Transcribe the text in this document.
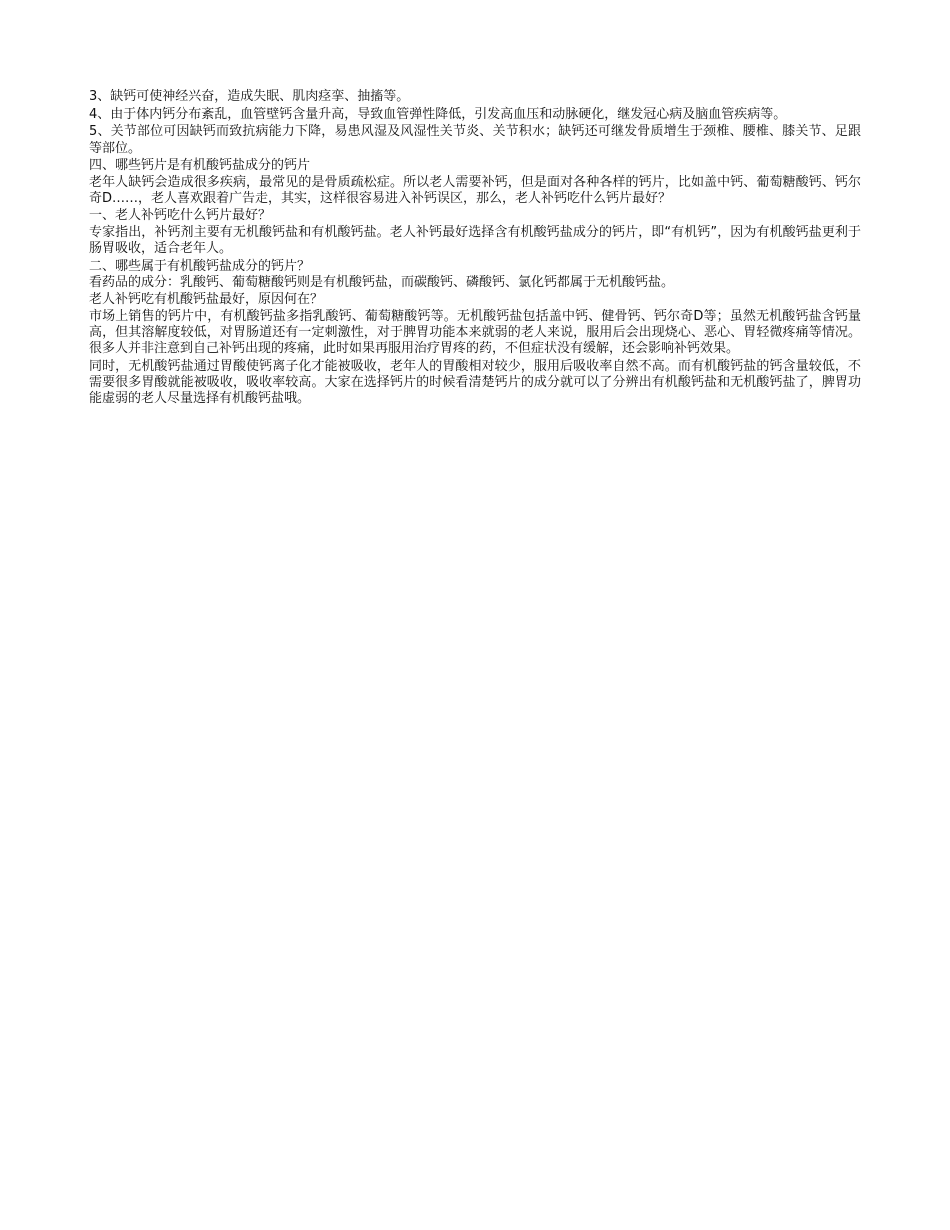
3、缺钙可使神经兴奋，造成失眠、肌肉痉挛、抽搐等。

4、由于体内钙分布紊乱，血管壁钙含量升高，导致血管弹性降低，引发高血压和动脉硬化，继发冠心病及脑血管疾病等。

5、关节部位可因缺钙而致抗病能力下降，易患风湿及风湿性关节炎、关节积水；缺钙还可继发骨质增生于颈椎、腰椎、膝关节、足跟等部位。

四、哪些钙片是有机酸钙盐成分的钙片

老年人缺钙会造成很多疾病，最常见的是骨质疏松症。所以老人需要补钙，但是面对各种各样的钙片，比如盖中钙、葡萄糖酸钙、钙尔奇D……，老人喜欢跟着广告走，其实，这样很容易进入补钙误区，那么，老人补钙吃什么钙片最好？

一、老人补钙吃什么钙片最好？

专家指出，补钙剂主要有无机酸钙盐和有机酸钙盐。老人补钙最好选择含有机酸钙盐成分的钙片，即“有机钙”，因为有机酸钙盐更利于肠胃吸收，适合老年人。

二、哪些属于有机酸钙盐成分的钙片？

看药品的成分：乳酸钙、葡萄糖酸钙则是有机酸钙盐，而碳酸钙、磷酸钙、氯化钙都属于无机酸钙盐。

老人补钙吃有机酸钙盐最好，原因何在？

市场上销售的钙片中，有机酸钙盐多指乳酸钙、葡萄糖酸钙等。无机酸钙盐包括盖中钙、健骨钙、钙尔奇D等；虽然无机酸钙盐含钙量高，但其溶解度较低，对胃肠道还有一定刺激性，对于脾胃功能本来就弱的老人来说，服用后会出现烧心、恶心、胃轻微疼痛等情况。很多人并非注意到自己补钙出现的疼痛，此时如果再服用治疗胃疼的药，不但症状没有缓解，还会影响补钙效果。

同时，无机酸钙盐通过胃酸使钙离子化才能被吸收，老年人的胃酸相对较少，服用后吸收率自然不高。而有机酸钙盐的钙含量较低，不需要很多胃酸就能被吸收，吸收率较高。大家在选择钙片的时候看清楚钙片的成分就可以了分辨出有机酸钙盐和无机酸钙盐了，脾胃功能虚弱的老人尽量选择有机酸钙盐哦。
